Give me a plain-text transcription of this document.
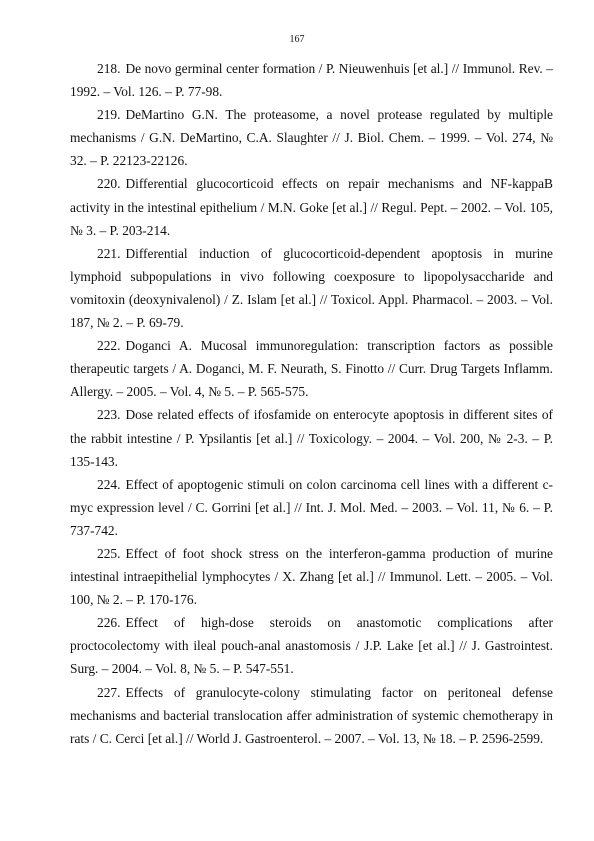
167
218. De novo germinal center formation / P. Nieuwenhuis [et al.] // Immunol. Rev. – 1992. – Vol. 126. – P. 77-98.
219. DeMartino G.N. The proteasome, a novel protease regulated by multiple mechanisms / G.N. DeMartino, C.A. Slaughter // J. Biol. Chem. – 1999. – Vol. 274, № 32. – P. 22123-22126.
220. Differential glucocorticoid effects on repair mechanisms and NF-kappaB activity in the intestinal epithelium / M.N. Goke [et al.] // Regul. Pept. – 2002. – Vol. 105, № 3. – P. 203-214.
221. Differential induction of glucocorticoid-dependent apoptosis in murine lymphoid subpopulations in vivo following coexposure to lipopolysaccharide and vomitoxin (deoxynivalenol) / Z. Islam [et al.] // Toxicol. Appl. Pharmacol. – 2003. – Vol. 187, № 2. – P. 69-79.
222. Doganci A. Mucosal immunoregulation: transcription factors as possible therapeutic targets / A. Doganci, M. F. Neurath, S. Finotto // Curr. Drug Targets Inflamm. Allergy. – 2005. – Vol. 4, № 5. – P. 565-575.
223. Dose related effects of ifosfamide on enterocyte apoptosis in different sites of the rabbit intestine / P. Ypsilantis [et al.] // Toxicology. – 2004. – Vol. 200, № 2-3. – P. 135-143.
224. Effect of apoptogenic stimuli on colon carcinoma cell lines with a different c-myc expression level / C. Gorrini [et al.] // Int. J. Mol. Med. – 2003. – Vol. 11, № 6. – P. 737-742.
225. Effect of foot shock stress on the interferon-gamma production of murine intestinal intraepithelial lymphocytes / X. Zhang [et al.] // Immunol. Lett. – 2005. – Vol. 100, № 2. – P. 170-176.
226. Effect of high-dose steroids on anastomotic complications after proctocolectomy with ileal pouch-anal anastomosis / J.P. Lake [et al.] // J. Gastrointest. Surg. – 2004. – Vol. 8, № 5. – P. 547-551.
227. Effects of granulocyte-colony stimulating factor on peritoneal defense mechanisms and bacterial translocation affer administration of systemic chemotherapy in rats / C. Cerci [et al.] // World J. Gastroenterol. – 2007. – Vol. 13, № 18. – P. 2596-2599.
